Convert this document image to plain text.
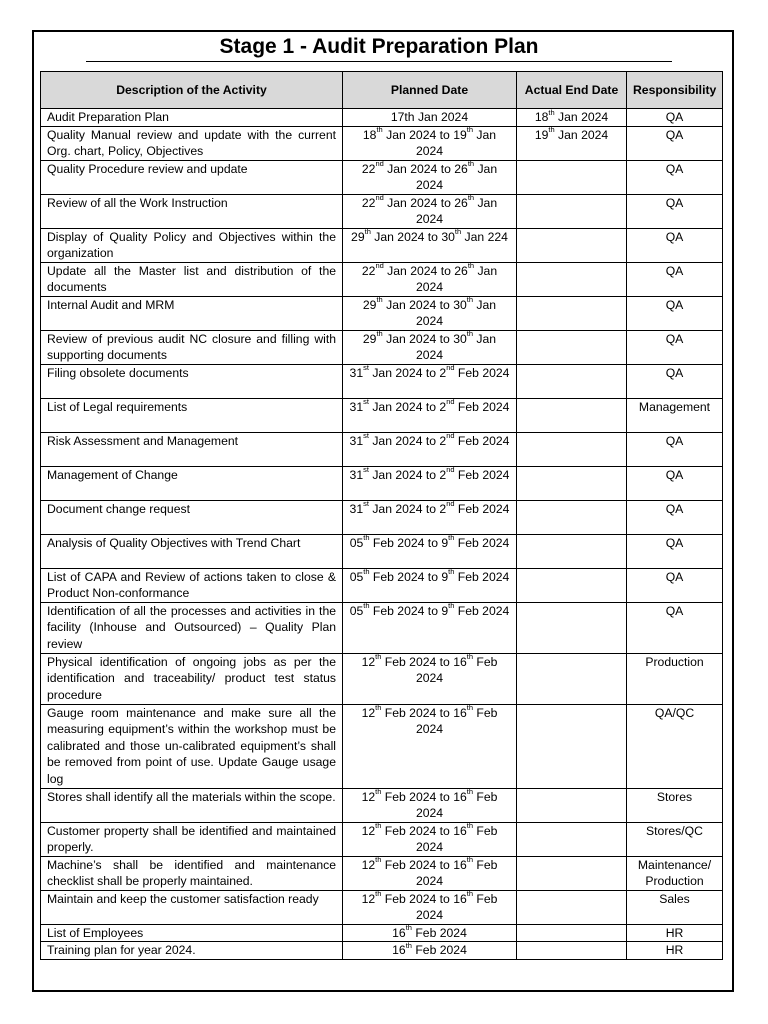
Stage 1 - Audit Preparation Plan
Description of the Activity	Planned Date	Actual End Date	Responsibility
Audit Preparation Plan	17th Jan 2024	18th Jan 2024	QA
Quality Manual review and update with the current Org. chart, Policy, Objectives	18th Jan 2024 to 19th Jan 2024	19th Jan 2024	QA
Quality Procedure review and update	22nd Jan 2024 to 26th Jan 2024		QA
Review of all the Work Instruction	22nd Jan 2024 to 26th Jan 2024		QA
Display of Quality Policy and Objectives within the organization	29th Jan 2024 to 30th Jan 224		QA
Update all the Master list and distribution of the documents	22nd Jan 2024 to 26th Jan 2024		QA
Internal Audit and MRM	29th Jan 2024 to 30th Jan 2024		QA
Review of previous audit NC closure and filling with supporting documents	29th Jan 2024 to 30th Jan 2024		QA
Filing obsolete documents	31st Jan 2024 to 2nd Feb 2024		QA
List of Legal requirements	31st Jan 2024 to 2nd Feb 2024		Management
Risk Assessment and Management	31st Jan 2024 to 2nd Feb 2024		QA
Management of Change	31st Jan 2024 to 2nd Feb 2024		QA
Document change request	31st Jan 2024 to 2nd Feb 2024		QA
Analysis of Quality Objectives with Trend Chart	05th Feb 2024 to 9th Feb 2024		QA
List of CAPA and Review of actions taken to close & Product Non-conformance	05th Feb 2024 to 9th Feb 2024		QA
Identification of all the processes and activities in the facility (Inhouse and Outsourced) – Quality Plan review	05th Feb 2024 to 9th Feb 2024		QA
Physical identification of ongoing jobs as per the identification and traceability/ product test status procedure	12th Feb 2024 to 16th Feb 2024		Production
Gauge room maintenance and make sure all the measuring equipment’s within the workshop must be calibrated and those un-calibrated equipment’s shall be removed from point of use. Update Gauge usage log	12th Feb 2024 to 16th Feb 2024		QA/QC
Stores shall identify all the materials within the scope.	12th Feb 2024 to 16th Feb 2024		Stores
Customer property shall be identified and maintained properly.	12th Feb 2024 to 16th Feb 2024		Stores/QC
Machine’s shall be identified and maintenance checklist shall be properly maintained.	12th Feb 2024 to 16th Feb 2024		Maintenance/ Production
Maintain and keep the customer satisfaction ready	12th Feb 2024 to 16th Feb 2024		Sales
List of Employees	16th Feb 2024		HR
Training plan for year 2024.	16th Feb 2024		HR
